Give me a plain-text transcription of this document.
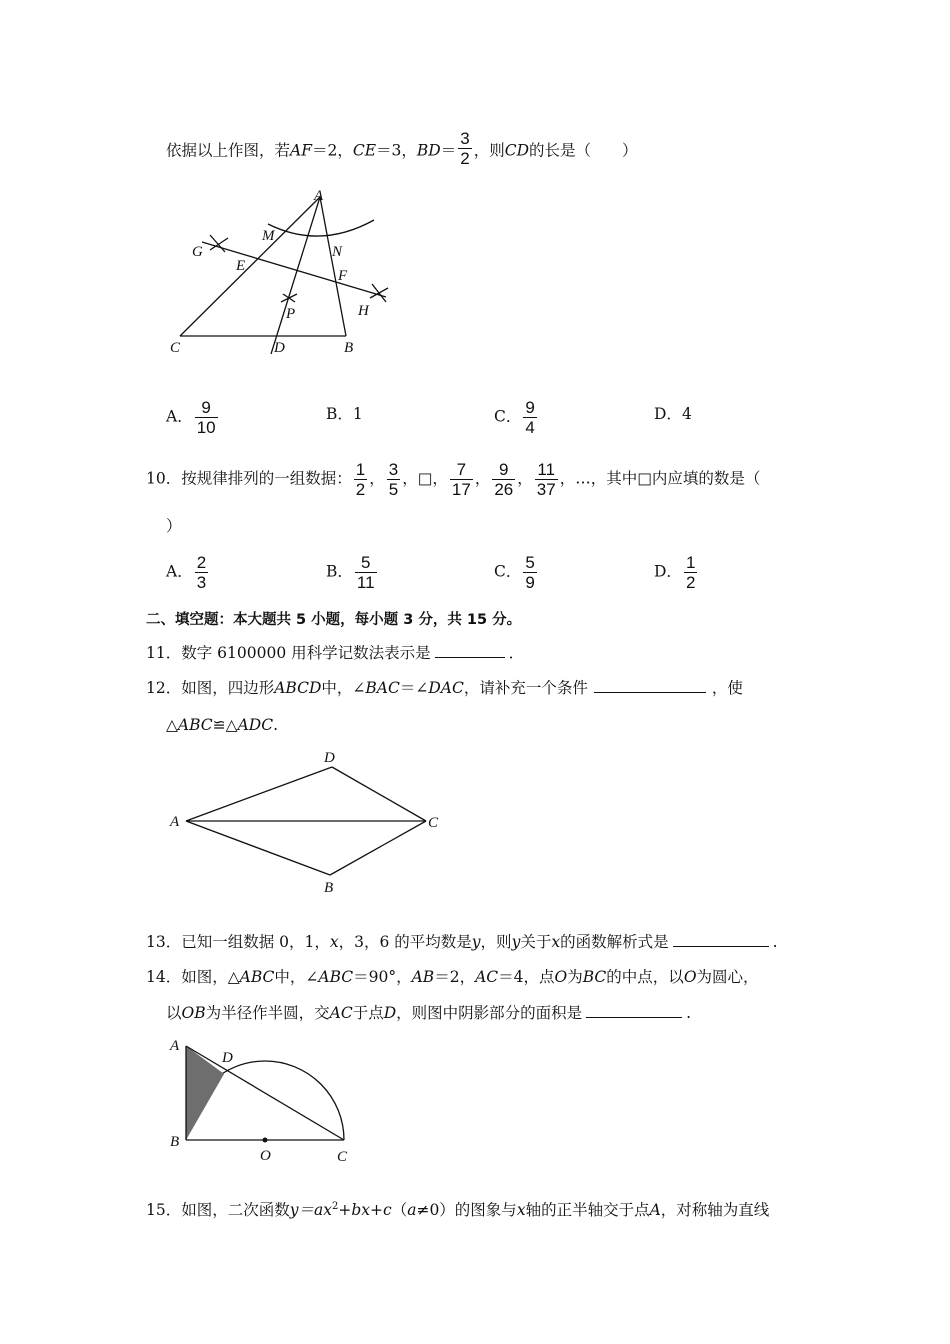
依据以上作图，若AF＝2，CE＝3，$BD= \frac{3}{2}$ ，则CD的长是（　　）
A
M
N
G
E
F
P	H
C	D	B
A． $\frac{9}{10}$	B．1	C． $\frac{9}{4}$	D．4
10．按规律排列的一组数据： $\frac{1}{2}$ ， $\frac{3}{5}$ ，□， $\frac{7}{17}$ ， $\frac{9}{26}$ ， $\frac{11}{37}$ ，…，其中□内应填的数是（
）
A． $\frac{2}{3}$	B． $\frac{5}{11}$	C． $\frac{5}{9}$	D． $\frac{1}{2}$
二、填空题：本大题共 5 小题，每小题 3 分，共 15 分。
11．数字 6100000 用科学记数法表示是	．
12．如图，四边形ABCD中，∠BAC＝∠DAC，请补充一个条件	，使
△ABC≌△ADC.
D
A	C
B
13．已知一组数据 0，1，x，3，6 的平均数是y，则y关于x的函数解析式是	.
14．如图，△ABC中，∠ABC＝90°，AB＝2，AC＝4，点O为BC的中点，以O为圆心，
以OB为半径作半圆，交AC于点D，则图中阴影部分的面积是	.
A
D
B
O	C
15．如图，二次函数$y=ax^2+bx+c(a\ne 0)$的图象与x轴的正半轴交于点A，对称轴为直线
